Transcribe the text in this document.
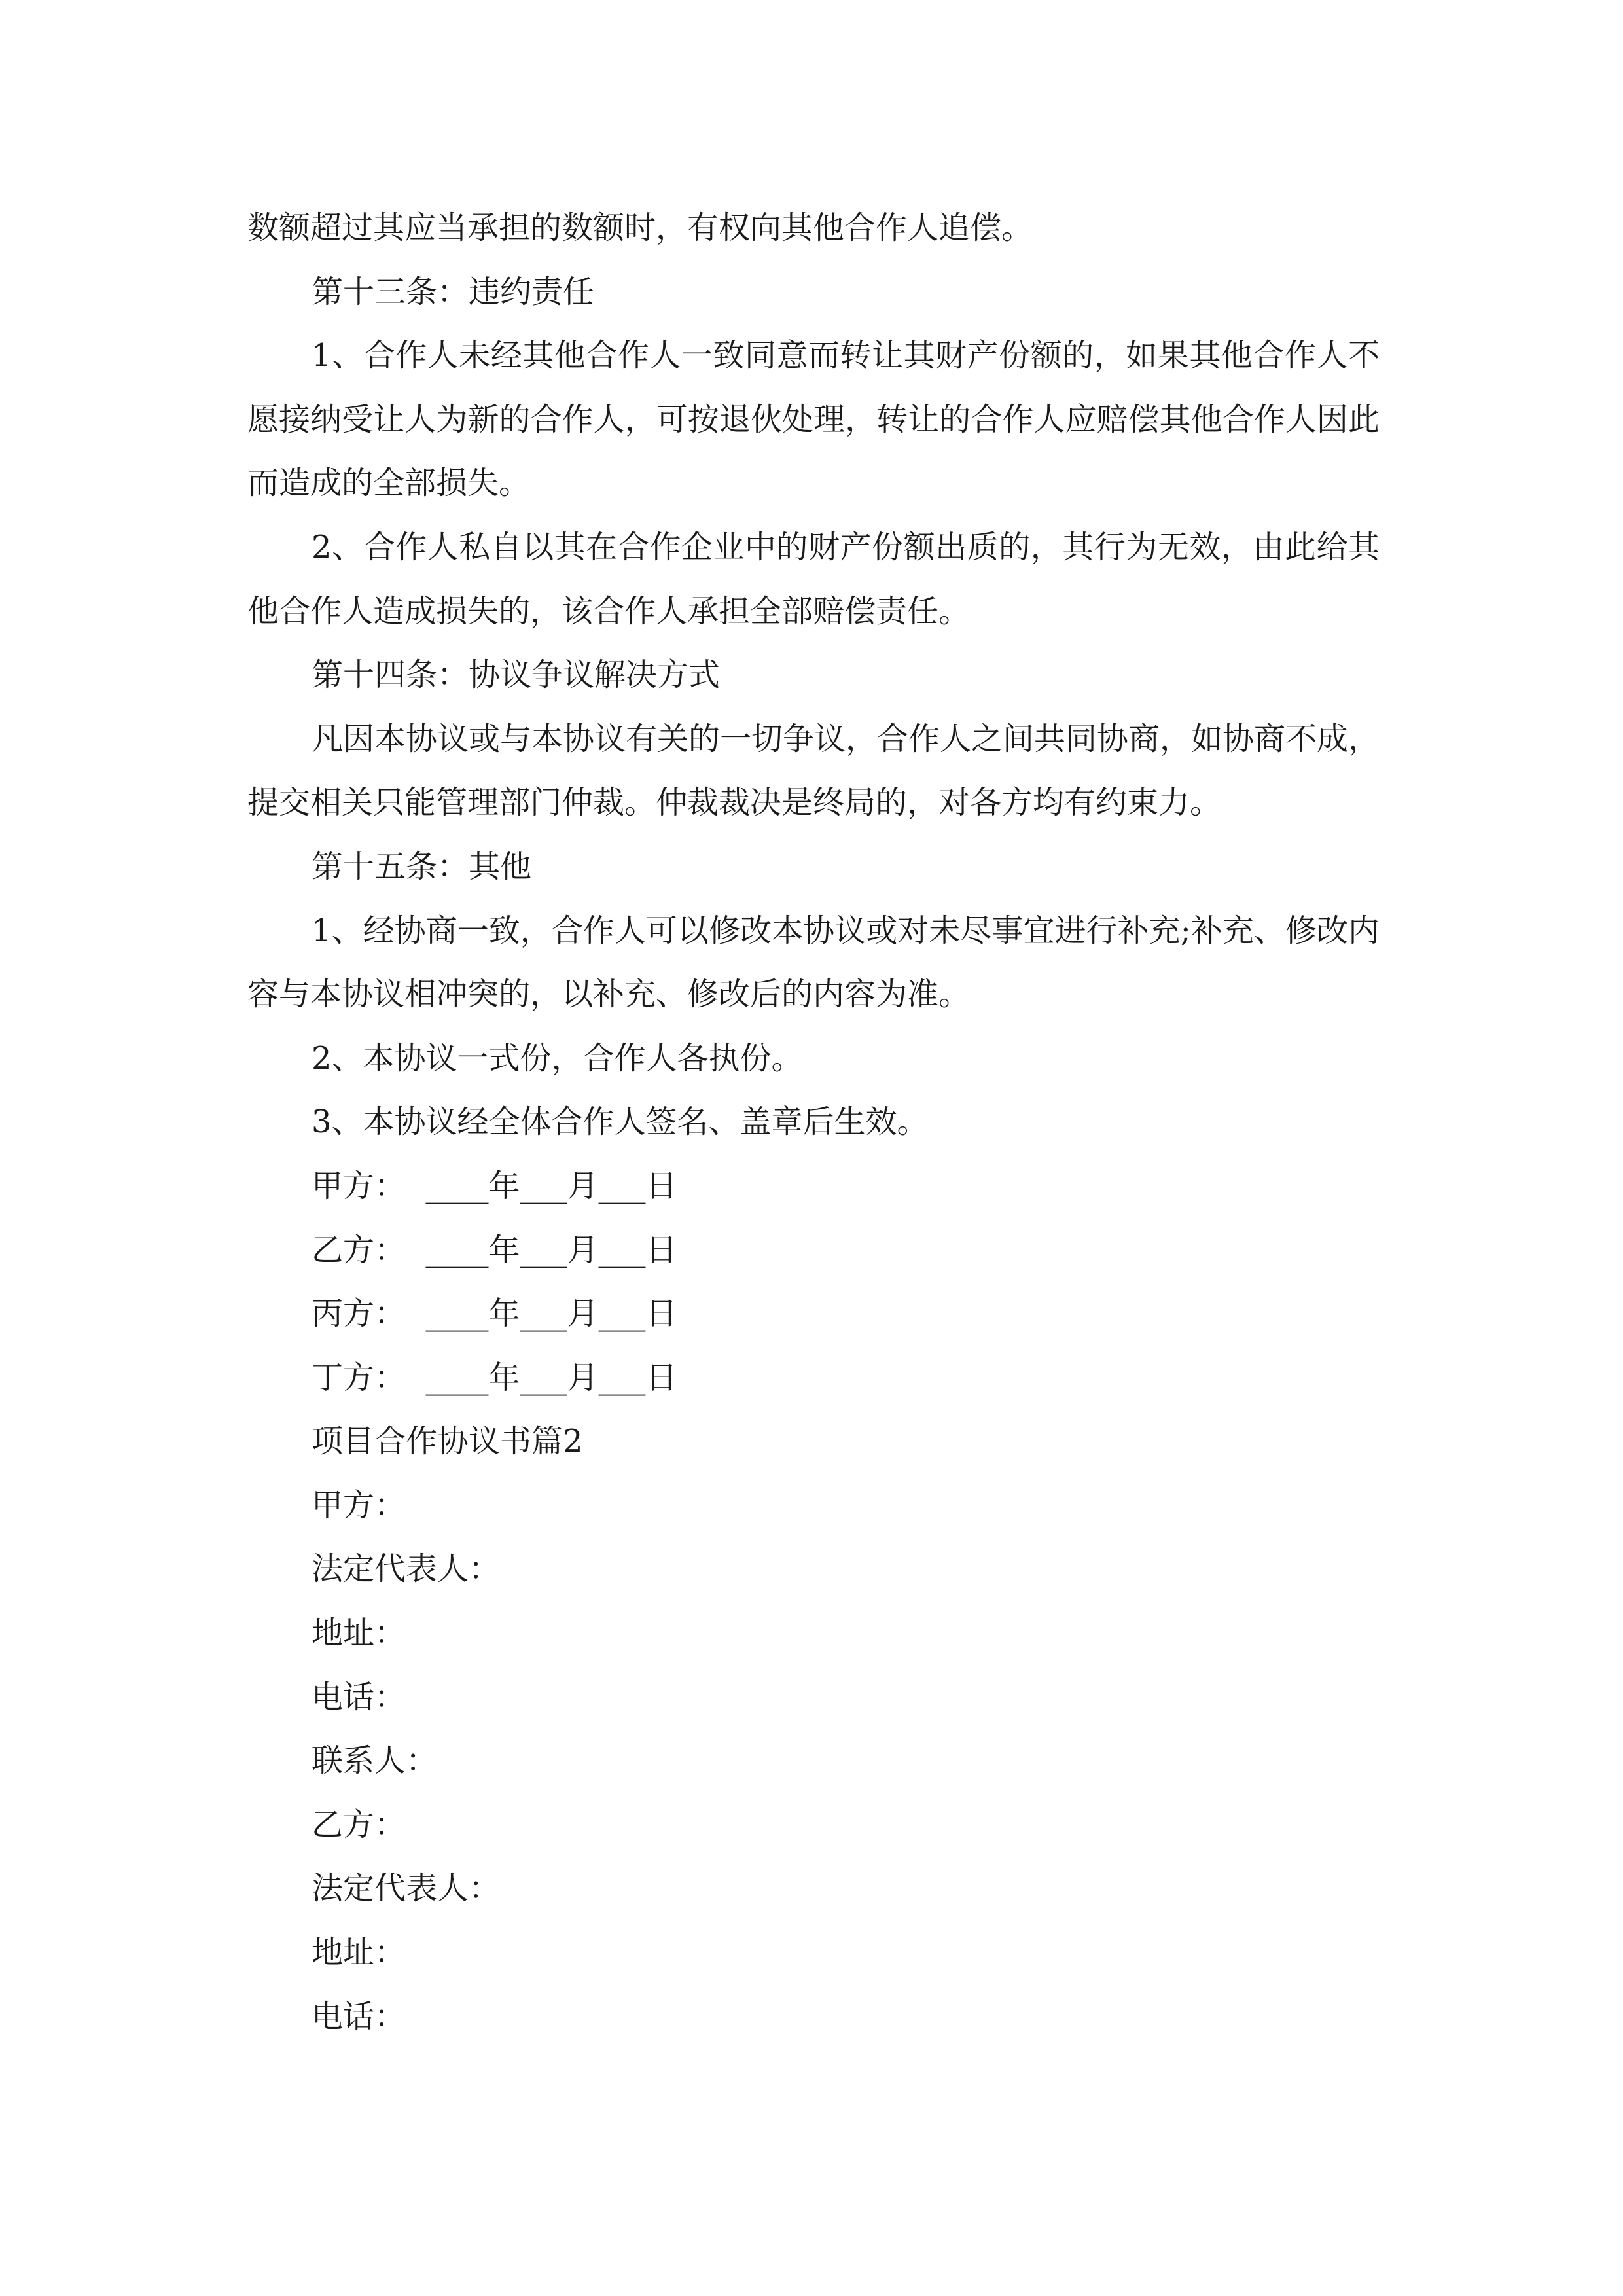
数额超过其应当承担的数额时，有权向其他合作人追偿。

第十三条：违约责任

1、合作人未经其他合作人一致同意而转让其财产份额的，如果其他合作人不愿接纳受让人为新的合作人，可按退伙处理，转让的合作人应赔偿其他合作人因此而造成的全部损失。

2、合作人私自以其在合作企业中的财产份额出质的，其行为无效，由此给其他合作人造成损失的，该合作人承担全部赔偿责任。

第十四条：协议争议解决方式

凡因本协议或与本协议有关的一切争议，合作人之间共同协商，如协商不成，提交相关只能管理部门仲裁。仲裁裁决是终局的，对各方均有约束力。

第十五条：其他

1、经协商一致，合作人可以修改本协议或对未尽事宜进行补充;补充、修改内容与本协议相冲突的，以补充、修改后的内容为准。

2、本协议一式份，合作人各执份。

3、本协议经全体合作人签名、盖章后生效。

甲方：  ____年___月___日

乙方：  ____年___月___日

丙方：  ____年___月___日

丁方：  ____年___月___日

项目合作协议书篇2

甲方：

法定代表人：

地址：

电话：

联系人：

乙方：

法定代表人：

地址：

电话：
